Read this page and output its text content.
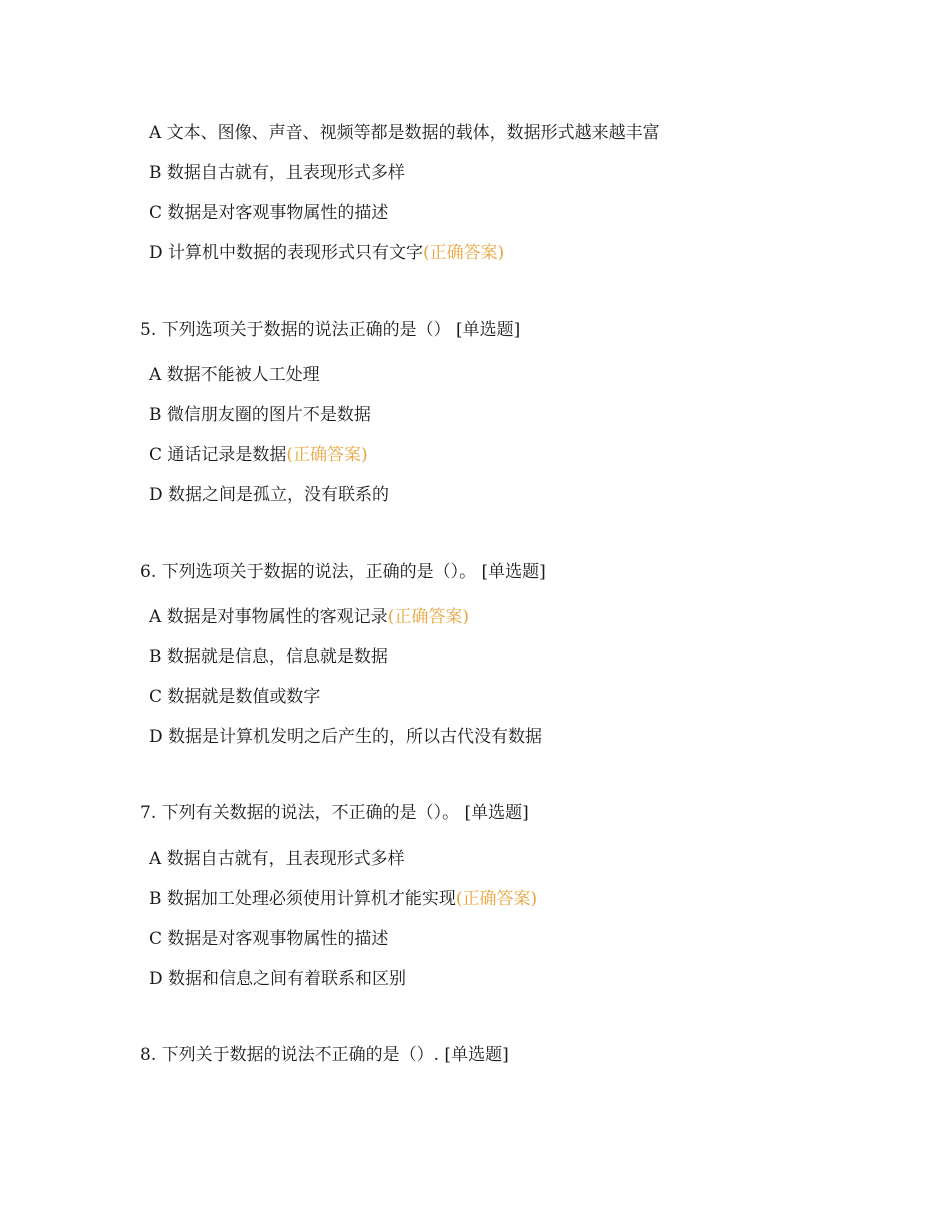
A 文本、图像、声音、视频等都是数据的载体，数据形式越来越丰富
B 数据自古就有，且表现形式多样
C 数据是对客观事物属性的描述
D 计算机中数据的表现形式只有文字(正确答案)
5. 下列选项关于数据的说法正确的是（） [单选题]
A 数据不能被人工处理
B 微信朋友圈的图片不是数据
C 通话记录是数据(正确答案)
D 数据之间是孤立，没有联系的
6. 下列选项关于数据的说法，正确的是（）。 [单选题]
A 数据是对事物属性的客观记录(正确答案)
B 数据就是信息，信息就是数据
C 数据就是数值或数字
D 数据是计算机发明之后产生的，所以古代没有数据
7. 下列有关数据的说法，不正确的是（）。 [单选题]
A 数据自古就有，且表现形式多样
B 数据加工处理必须使用计算机才能实现(正确答案)
C 数据是对客观事物属性的描述
D 数据和信息之间有着联系和区别
8. 下列关于数据的说法不正确的是（）. [单选题]
